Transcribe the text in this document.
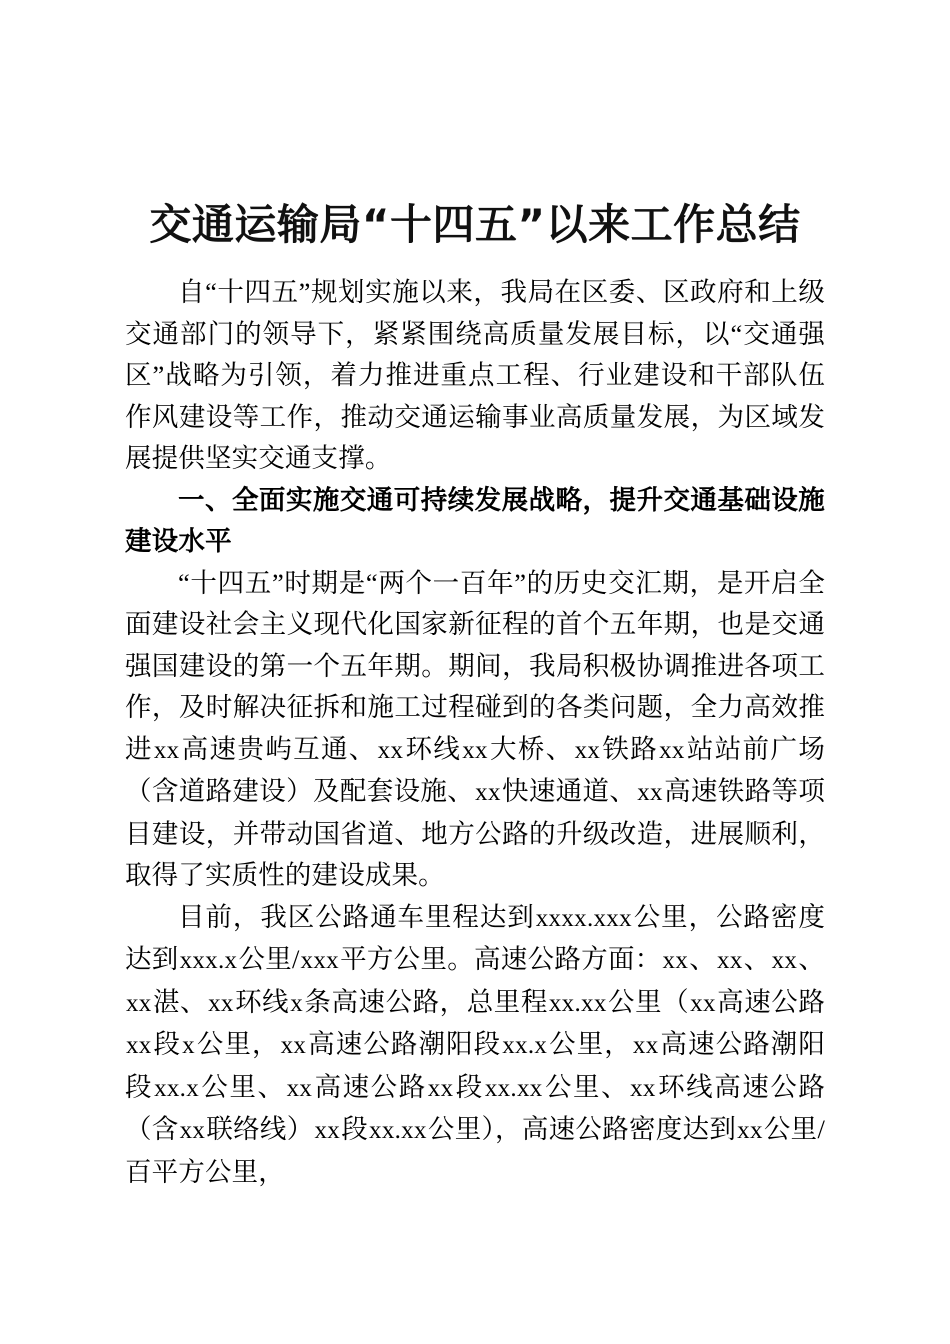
交通运输局“十四五”以来工作总结

自“十四五”规划实施以来，我局在区委、区政府和上级交通部门的领导下，紧紧围绕高质量发展目标，以“交通强区”战略为引领，着力推进重点工程、行业建设和干部队伍作风建设等工作，推动交通运输事业高质量发展，为区域发展提供坚实交通支撑。

一、全面实施交通可持续发展战略，提升交通基础设施建设水平

“十四五”时期是“两个一百年”的历史交汇期，是开启全面建设社会主义现代化国家新征程的首个五年期，也是交通强国建设的第一个五年期。期间，我局积极协调推进各项工作，及时解决征拆和施工过程碰到的各类问题，全力高效推进xx高速贵屿互通、xx环线xx大桥、xx铁路xx站站前广场（含道路建设）及配套设施、xx快速通道、xx高速铁路等项目建设，并带动国省道、地方公路的升级改造，进展顺利，取得了实质性的建设成果。

目前，我区公路通车里程达到xxxx.xxx公里，公路密度达到xxx.x公里/xxx平方公里。高速公路方面：xx、xx、xx、xx湛、xx环线x条高速公路，总里程xx.xx公里（xx高速公路xx段x公里，xx高速公路潮阳段xx.x公里，xx高速公路潮阳段xx.x公里、xx高速公路xx段xx.xx公里、xx环线高速公路（含xx联络线）xx段xx.xx公里），高速公路密度达到xx公里/百平方公里，
